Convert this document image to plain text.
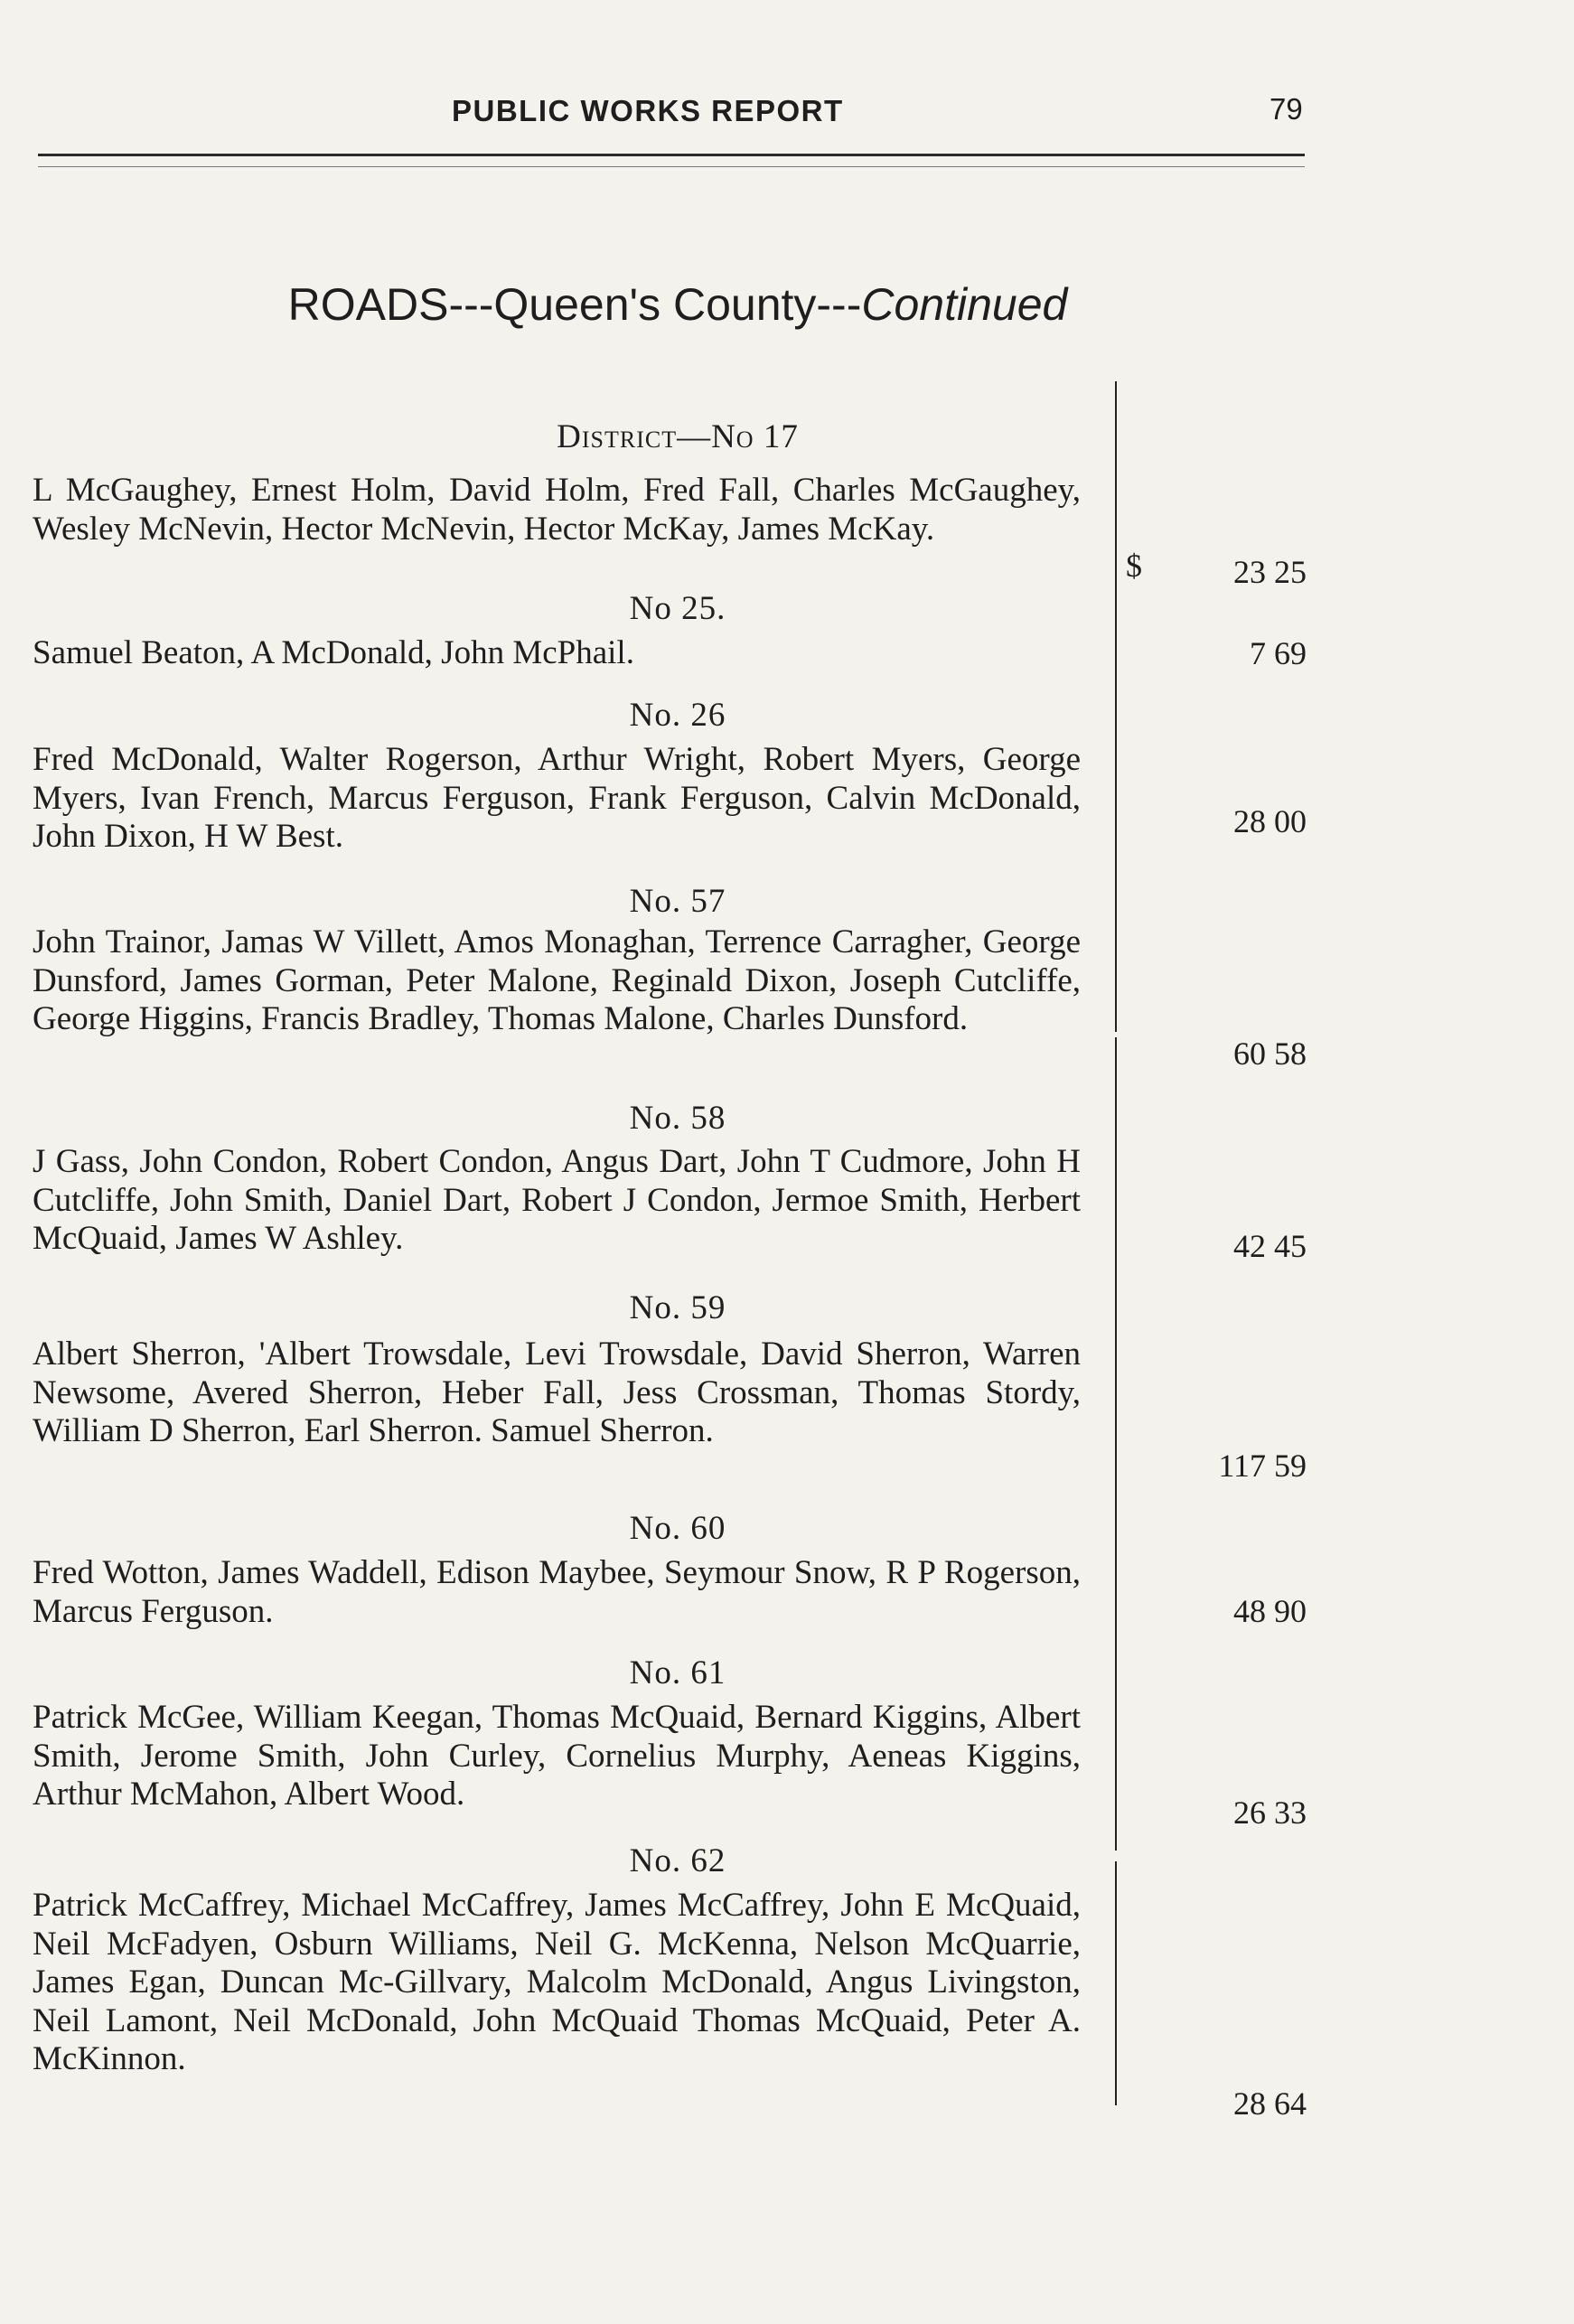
PUBLIC WORKS REPORT	79
ROADS---Queen's County---Continued
$
District—No 17
L McGaughey, Ernest Holm, David Holm, Fred Fall, Charles McGaughey, Wesley McNevin, Hector McNevin, Hector McKay, James McKay.
23 25
No 25.
Samuel Beaton, A McDonald, John McPhail.	7 69
No. 26
Fred McDonald, Walter Rogerson, Arthur Wright, Robert Myers, George Myers, Ivan French, Marcus Ferguson, Frank Ferguson, Calvin McDonald, John Dixon, H W Best.	28 00
No. 57
John Trainor, Jamas W Villett, Amos Monaghan, Terrence Carragher, George Dunsford, James Gorman, Peter Malone, Reginald Dixon, Joseph Cutcliffe, George Higgins, Francis Bradley, Thomas Malone, Charles Dunsford.
60 58
No. 58
J Gass, John Condon, Robert Condon, Angus Dart, John T Cudmore, John H Cutcliffe, John Smith, Daniel Dart, Robert J Condon, Jermoe Smith, Herbert McQuaid, James W Ashley.	42 45
No. 59
Albert Sherron, 'Albert Trowsdale, Levi Trowsdale, David Sherron, Warren Newsome, Avered Sherron, Heber Fall, Jess Crossman, Thomas Stordy, William D Sherron, Earl Sherron. Samuel Sherron.
117 59
No. 60
Fred Wotton, James Waddell, Edison Maybee, Seymour Snow, R P Rogerson, Marcus Ferguson.	48 90
No. 61
Patrick McGee, William Keegan, Thomas McQuaid, Bernard Kiggins, Albert Smith, Jerome Smith, John Curley, Cornelius Murphy, Aeneas Kiggins, Arthur McMahon, Albert Wood.	26 33
No. 62
Patrick McCaffrey, Michael McCaffrey, James McCaffrey, John E McQuaid, Neil McFadyen, Osburn Williams, Neil G. McKenna, Nelson McQuarrie, James Egan, Duncan Mc-Gillvary, Malcolm McDonald, Angus Livingston, Neil Lamont, Neil McDonald, John McQuaid Thomas McQuaid, Peter A. McKinnon.
28 64
